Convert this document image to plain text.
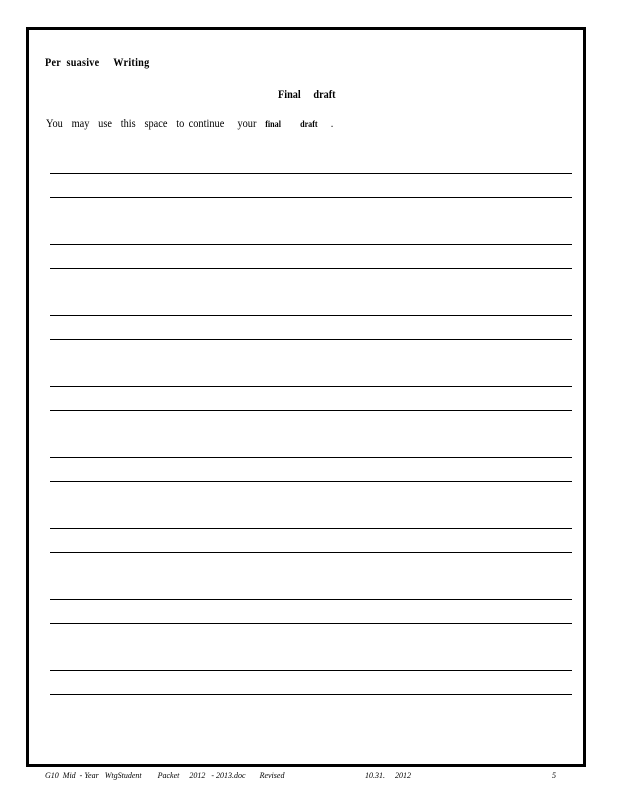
Per  suasive     Writing
Final     draft
You  may  use  this  space  to continue   your  final     draft   .
G10  Mid  - Year   WtgStudent        Packet     2012   - 2013.doc       Revised	10.31.     2012	5
